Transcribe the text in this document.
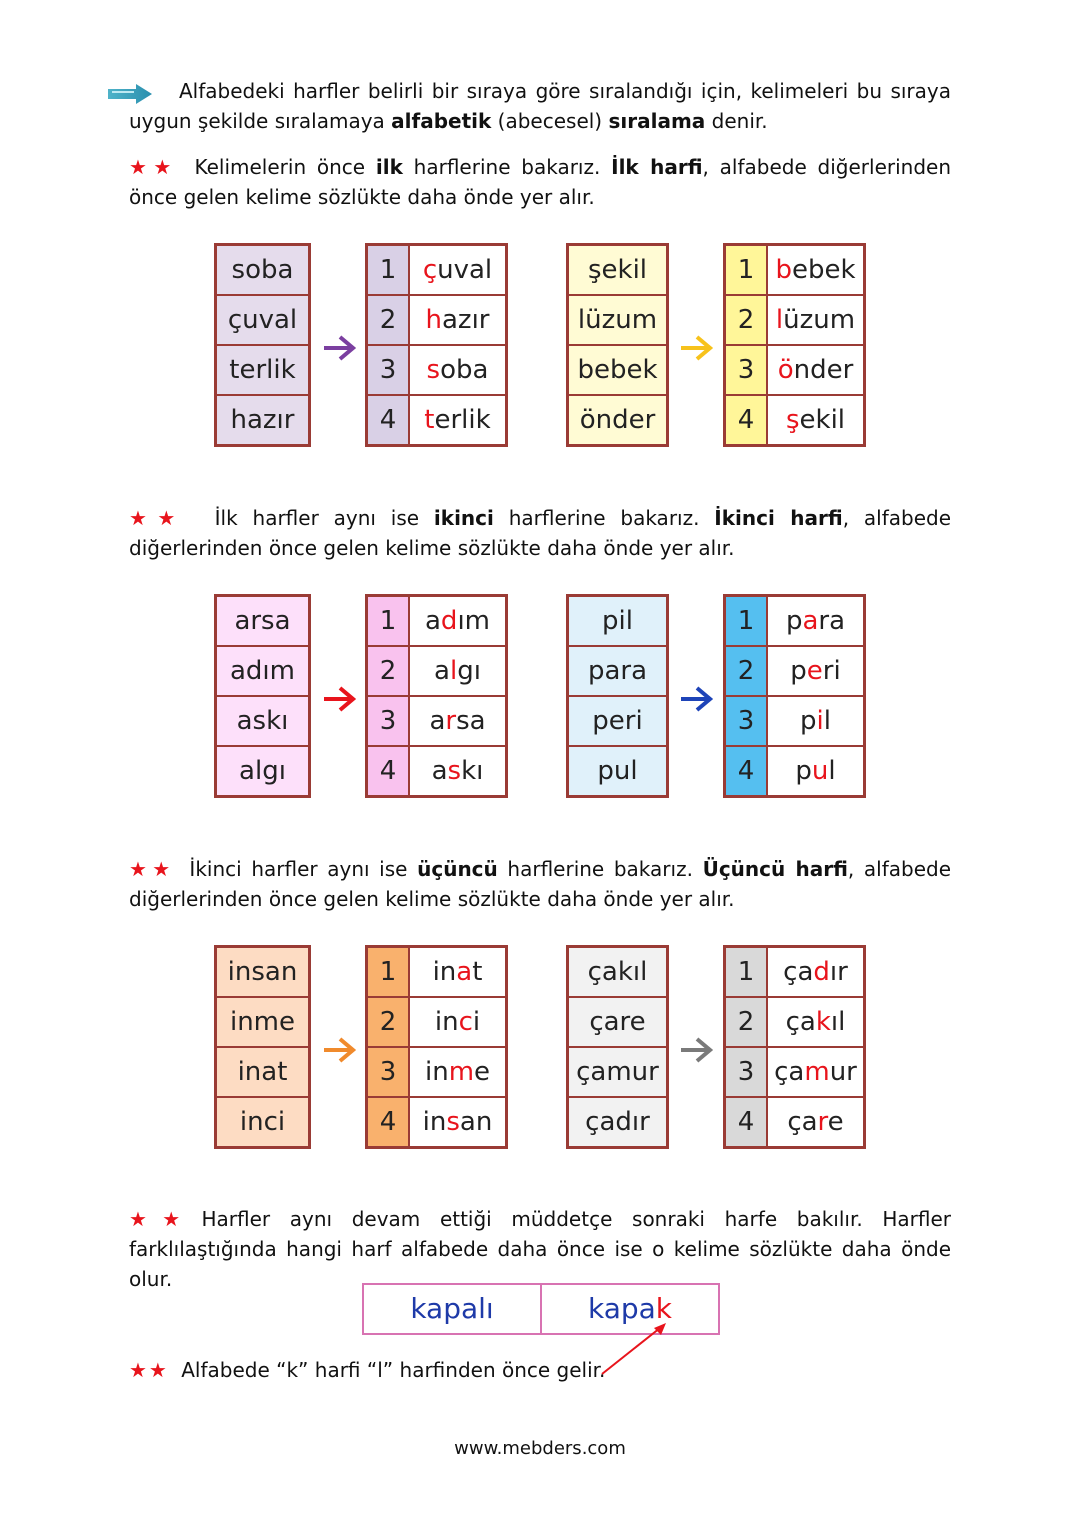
Alfabedeki harfler belirli bir sıraya göre sıralandığı için, kelimeleri bu sıraya uygun şekilde sıralamaya alfabetik (abecesel) sıralama denir.
★★ Kelimelerin önce ilk harflerine bakarız. İlk harfi, alfabede diğerlerinden önce gelen kelime sözlükte daha önde yer alır.
soba
çuval
terlik
hazır
1	çuval
2	hazır
3	soba
4	terlik
şekil
lüzum
bebek
önder
1	bebek
2	lüzum
3	önder
4	şekil
★★ İlk harfler aynı ise ikinci harflerine bakarız. İkinci harfi, alfabede diğerlerinden önce gelen kelime sözlükte daha önde yer alır.
arsa
adım
askı
algı
1	adım
2	algı
3	arsa
4	askı
pil
para
peri
pul
1	para
2	peri
3	pil
4	pul
★★ İkinci harfler aynı ise üçüncü harflerine bakarız. Üçüncü harfi, alfabede diğerlerinden önce gelen kelime sözlükte daha önde yer alır.
insan
inme
inat
inci
1	inat
2	inci
3	inme
4	insan
çakıl
çare
çamur
çadır
1	çadır
2	çakıl
3	çamur
4	çare
★★ Harfler aynı devam ettiği müddetçe sonraki harfe bakılır. Harfler farklılaştığında hangi harf alfabede daha önce ise o kelime sözlükte daha önde olur.
kapalı	kapak
★★ Alfabede “k” harfi “l” harfinden önce gelir.
www.mebders.com
